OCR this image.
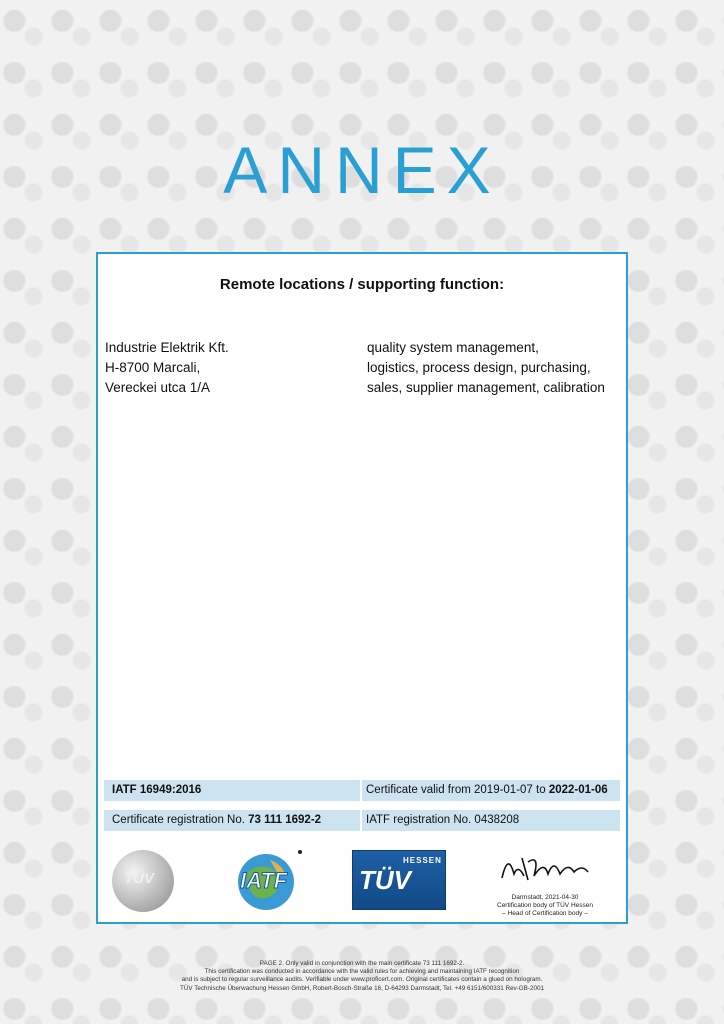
ANNEX
Remote locations / supporting function:
Industrie Elektrik Kft.
H-8700 Marcali,
Vereckei utca 1/A
quality system management,
logistics, process design, purchasing,
sales, supplier management, calibration
IATF 16949:2016	Certificate valid from 2019-01-07 to 2022-01-06
Certificate registration No. 73 111 1692-2	IATF registration No. 0438208
TÜV	IATF
HESSEN
TÜV
Darmstadt, 2021-04-30
Certification body of TÜV Hessen
– Head of Certification body –
PAGE 2. Only valid in conjunction with the main certificate 73 111 1692-2.
This certification was conducted in accordance with the valid rules for achieving and maintaining IATF recognition
and is subject to regular surveillance audits. Verifiable under www.proficert.com. Original certificates contain a glued on hologram.
TÜV Technische Überwachung Hessen GmbH, Robert-Bosch-Straße 16, D-64293 Darmstadt, Tel. +49 6151/600331 Rev-GB-2001
